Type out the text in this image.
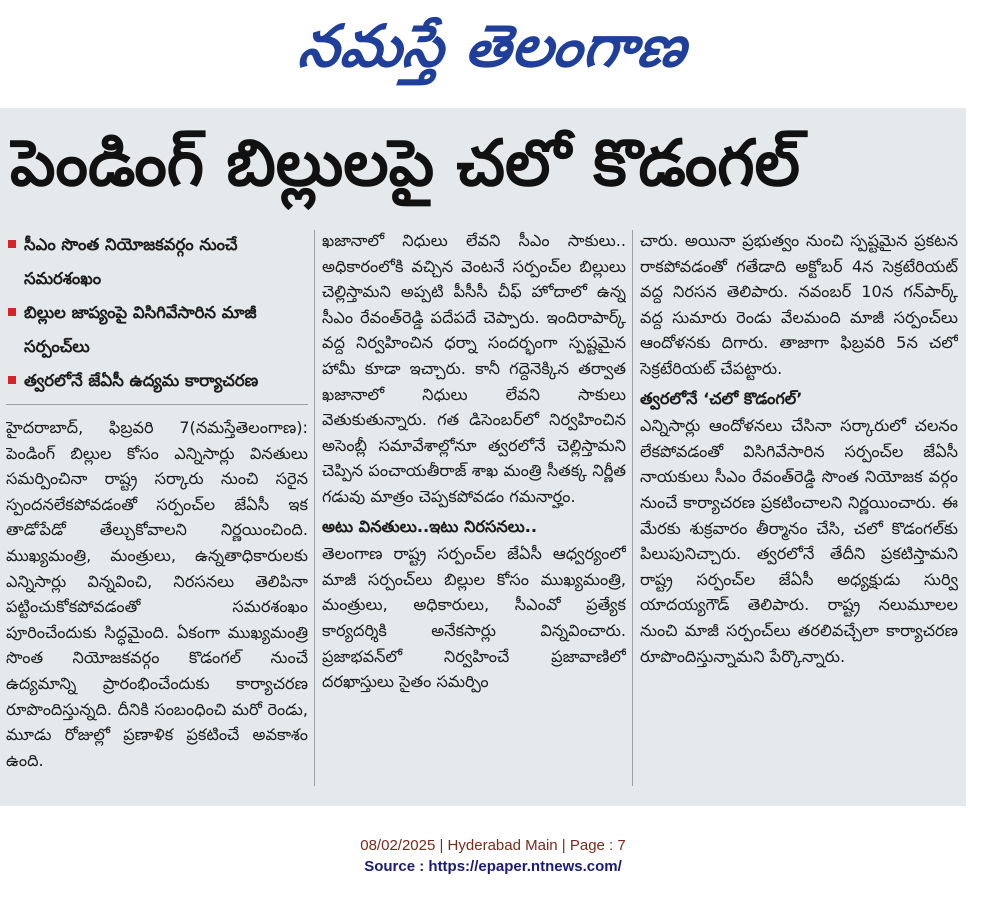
నమస్తే తెలంగాణ
పెండింగ్ బిల్లులపై చలో కొడంగల్
సీఎం సొంత నియోజకవర్గం నుంచే సమరశంఖం
బిల్లుల జాప్యంపై విసిగివేసారిన మాజీ సర్పంచ్‌లు
త్వరలోనే జేఏసీ ఉద్యమ కార్యాచరణ

హైదరాబాద్, ఫిబ్రవరి 7(నమస్తేతెలంగాణ): పెండింగ్ బిల్లుల కోసం ఎన్నిసార్లు వినతులు సమర్పించినా రాష్ట్ర సర్కారు నుంచి సరైన స్పందనలేకపోవడంతో సర్పంచ్‌ల జేఏసీ ఇక తాడోపేడో తేల్చుకోవాలని నిర్ణయించింది. ముఖ్యమంత్రి, మంత్రులు, ఉన్నతాధికారులకు ఎన్నిసార్లు విన్నవించి, నిరసనలు తెలిపినా పట్టించుకోకపోవడంతో సమరశంఖం పూరించేందుకు సిద్ధమైంది. ఏకంగా ముఖ్యమంత్రి సొంత నియోజకవర్గం కొడంగల్ నుంచే ఉద్యమాన్ని ప్రారంభించేందుకు కార్యాచరణ రూపొందిస్తున్నది. దీనికి సంబంధించి మరో రెండు, మూడు రోజుల్లో ప్రణాళిక ప్రకటించే అవకాశం ఉంది.

ఖజానాలో నిధులు లేవని సీఎం సాకులు.. అధికారంలోకి వచ్చిన వెంటనే సర్పంచ్‌ల బిల్లులు చెల్లిస్తామని అప్పటి పీసీసీ చీఫ్ హోదాలో ఉన్న సీఎం రేవంత్‌రెడ్డి పదేపదే చెప్పారు. ఇందిరాపార్క్ వద్ద నిర్వహించిన ధర్నా సందర్భంగా స్పష్టమైన హామీ కూడా ఇచ్చారు. కానీ గద్దెనెక్కిన తర్వాత ఖజానాలో నిధులు లేవని సాకులు వెతుకుతున్నారు. గత డిసెంబర్‌లో నిర్వహించిన అసెంబ్లీ సమావేశాల్లోనూ త్వరలోనే చెల్లిస్తామని చెప్పిన పంచాయతీరాజ్ శాఖ మంత్రి సీతక్క నిర్ణీత గడువు మాత్రం చెప్పకపోవడం గమనార్హం.

అటు వినతులు..ఇటు నిరసనలు..

తెలంగాణ రాష్ట్ర సర్పంచ్‌ల జేఏసీ ఆధ్వర్యంలో మాజీ సర్పంచ్‌లు బిల్లుల కోసం ముఖ్యమంత్రి, మంత్రులు, అధికారులు, సీఎంవో ప్రత్యేక కార్యదర్శికి అనేకసార్లు విన్నవించారు. ప్రజాభవన్‌లో నిర్వహించే ప్రజావాణిలో దరఖాస్తులు సైతం సమర్పిం

చారు. అయినా ప్రభుత్వం నుంచి స్పష్టమైన ప్రకటన రాకపోవడంతో గతేడాది అక్టోబర్ 4న సెక్రటేరియట్ వద్ద నిరసన తెలిపారు. నవంబర్ 10న గన్‌పార్క్ వద్ద సుమారు రెండు వేలమంది మాజీ సర్పంచ్‌లు ఆందోళనకు దిగారు. తాజాగా ఫిబ్రవరి 5న చలో సెక్రటేరియట్ చేపట్టారు.

త్వరలోనే ‘చలో కొడంగల్’

ఎన్నిసార్లు ఆందోళనలు చేసినా సర్కారులో చలనం లేకపోవడంతో విసిగివేసారిన సర్పంచ్‌ల జేఏసీ నాయకులు సీఎం రేవంత్‌రెడ్డి సొంత నియోజక వర్గం నుంచే కార్యాచరణ ప్రకటించాలని నిర్ణయించారు. ఈ మేరకు శుక్రవారం తీర్మానం చేసి, చలో కొడంగల్‌కు పిలుపునిచ్చారు. త్వరలోనే తేదీని ప్రకటిస్తామని రాష్ట్ర సర్పంచ్‌ల జేఏసీ అధ్యక్షుడు సుర్వి యాదయ్యగౌడ్ తెలిపారు. రాష్ట్ర నలుమూలల నుంచి మాజీ సర్పంచ్‌లు తరలివచ్చేలా కార్యాచరణ రూపొందిస్తున్నామని పేర్కొన్నారు.

08/02/2025 | Hyderabad Main | Page : 7
Source : https://epaper.ntnews.com/
